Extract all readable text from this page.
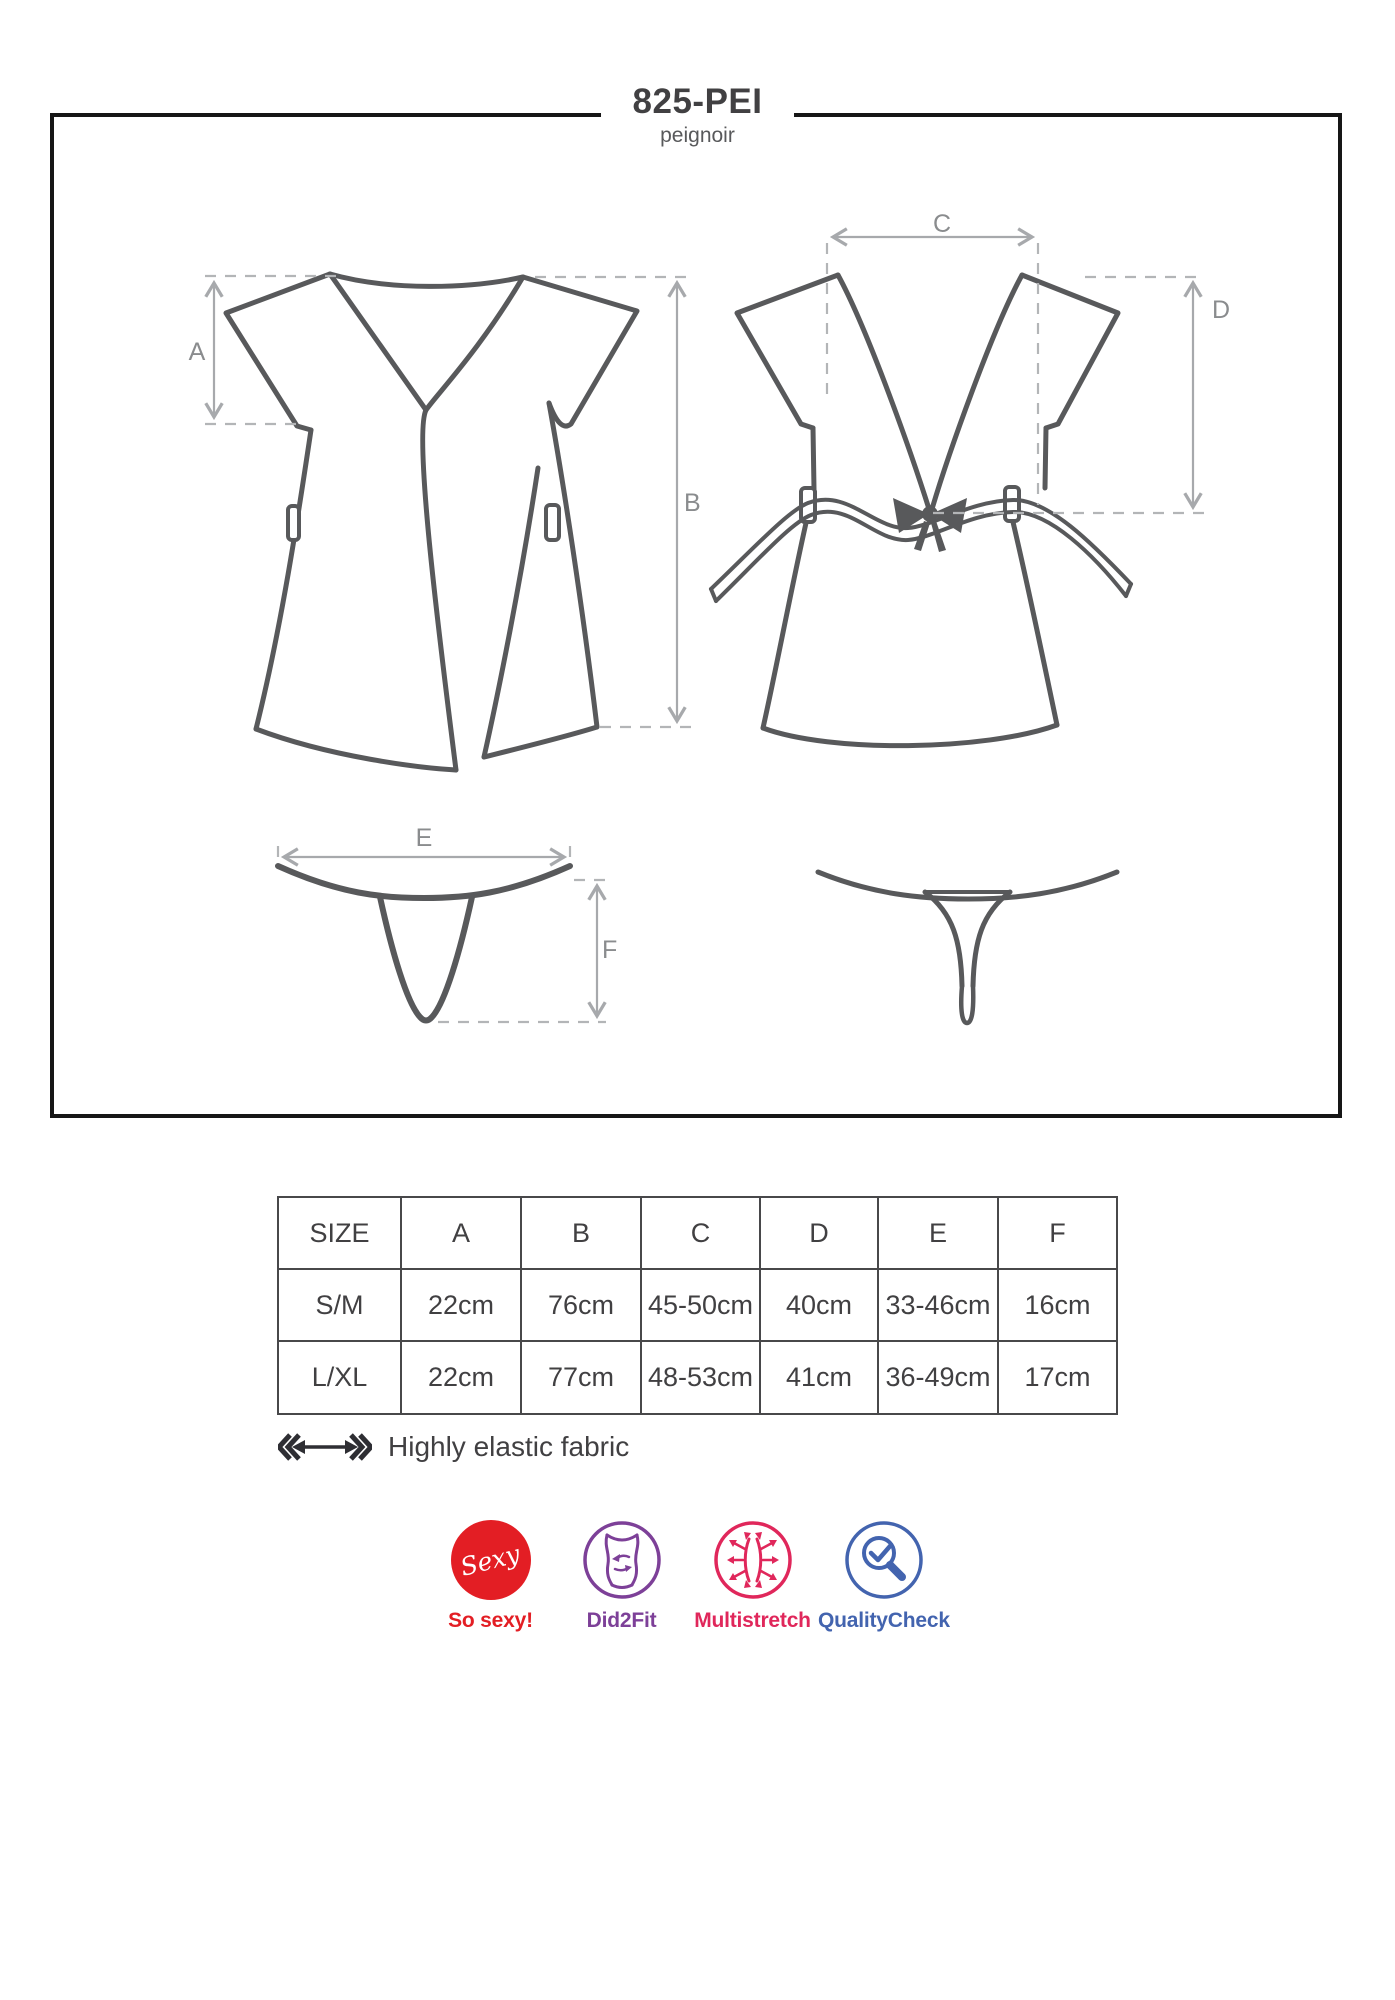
825-PEI
peignoir
A
B
C
D
E
F
SIZE	A	B	C	D	E	F
S/M	22cm	76cm	45-50cm	40cm	33-46cm	16cm
L/XL	22cm	77cm	48-53cm	41cm	36-49cm	17cm
Highly elastic fabric
Sexy
So sexy!	Did2Fit Multistretch QualityCheck
